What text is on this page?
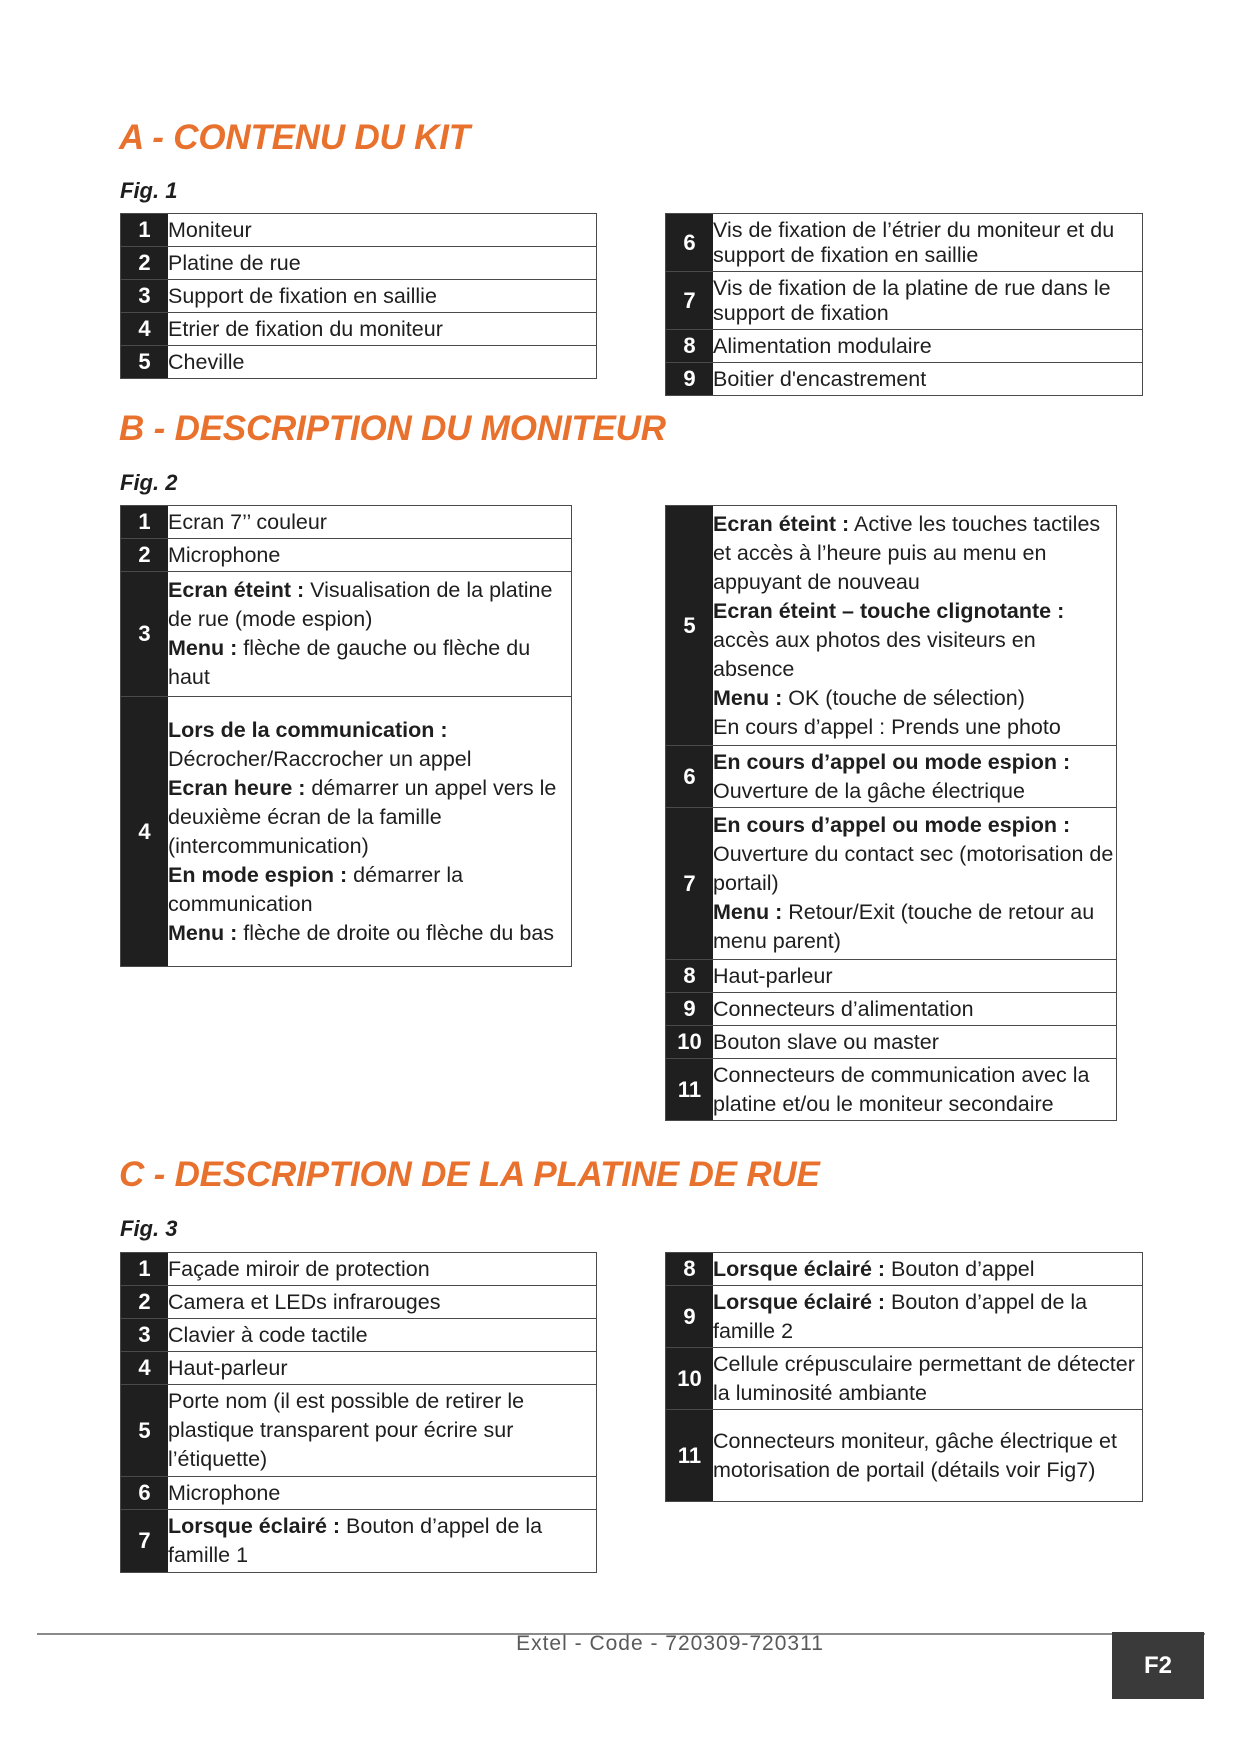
A - CONTENU DU KIT

Fig. 1

1	Moniteur
2	Platine de rue
3	Support de fixation en saillie
4	Etrier de fixation du moniteur
5	Cheville
6	Vis de fixation de l’étrier du moniteur et du support de fixation en saillie
7	Vis de fixation de la platine de rue dans le support de fixation
8	Alimentation modulaire
9	Boitier d'encastrement
B - DESCRIPTION DU MONITEUR

Fig. 2

1	Ecran 7’’ couleur
2	Microphone
3	Ecran éteint : Visualisation de la platine de rue (mode espion)
Menu : flèche de gauche ou flèche du haut
4	Lors de la communication : Décrocher/Raccrocher un appel
Ecran heure : démarrer un appel vers le deuxième écran de la famille (intercommunication)
En mode espion : démarrer la communication
Menu : flèche de droite ou flèche du bas
5	Ecran éteint : Active les touches tactiles et accès à l’heure puis au menu en appuyant de nouveau
Ecran éteint – touche clignotante : accès aux photos des visiteurs en absence
Menu : OK (touche de sélection)
En cours d’appel : Prends une photo
6	En cours d’appel ou mode espion : Ouverture de la gâche électrique
7	En cours d’appel ou mode espion : Ouverture du contact sec (motorisation de portail)
Menu : Retour/Exit (touche de retour au menu parent)
8	Haut-parleur
9	Connecteurs d’alimentation
10	Bouton slave ou master
11	Connecteurs de communication avec la platine et/ou le moniteur secondaire
C - DESCRIPTION DE LA PLATINE DE RUE

Fig. 3

1	Façade miroir de protection
2	Camera et LEDs infrarouges
3	Clavier à code tactile
4	Haut-parleur
5	Porte nom (il est possible de retirer le plastique transparent pour écrire sur l’étiquette)
6	Microphone
7	Lorsque éclairé : Bouton d’appel de la famille 1
8	Lorsque éclairé : Bouton d’appel
9	Lorsque éclairé : Bouton d’appel de la famille 2
10	Cellule crépusculaire permettant de détecter la luminosité ambiante
11	Connecteurs moniteur, gâche électrique et motorisation de portail (détails voir Fig7)
Extel - Code - 720309-720311
F2
